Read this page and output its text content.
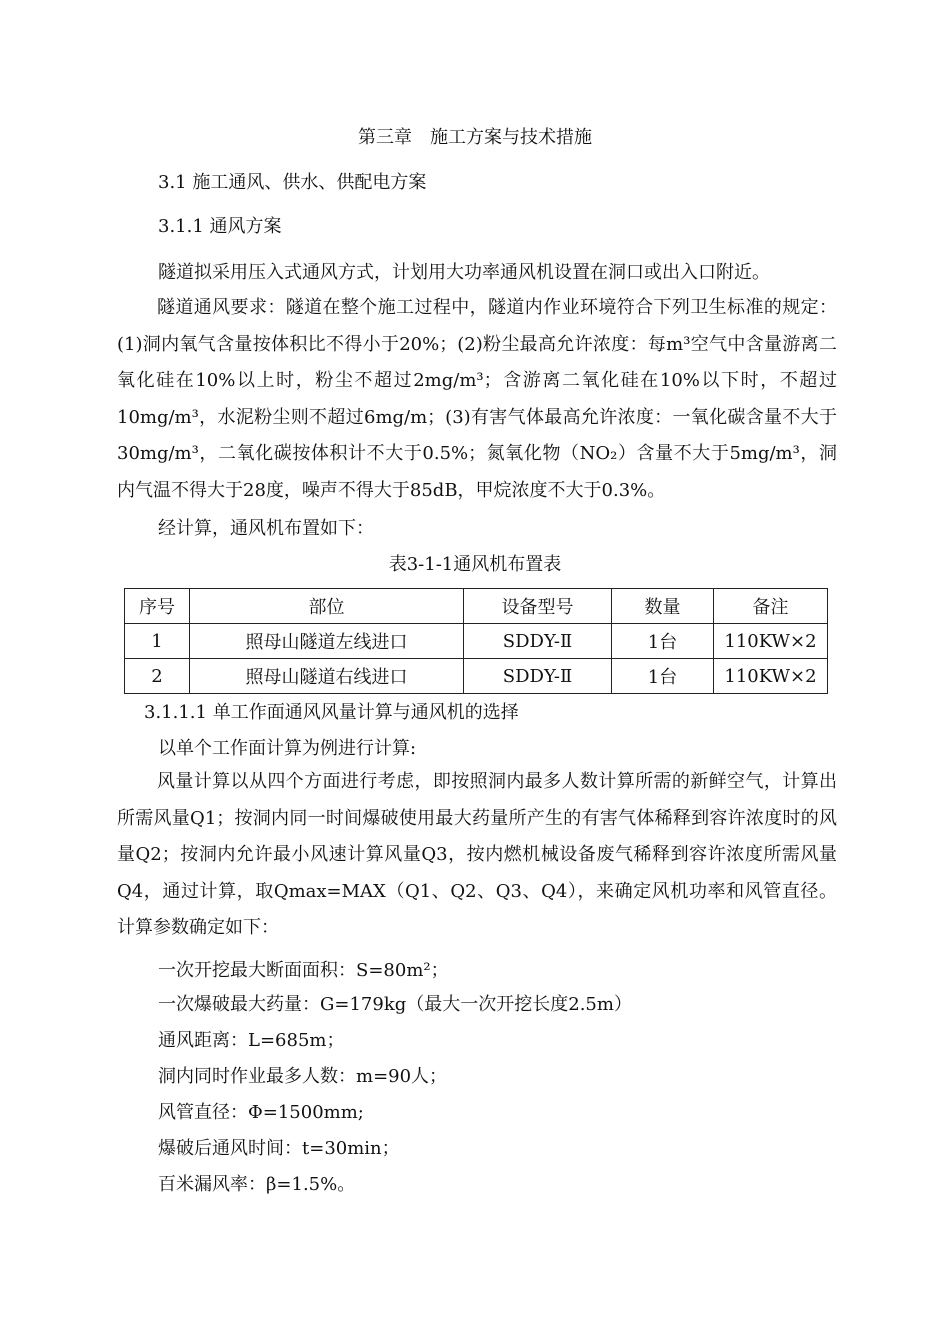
第三章　施工方案与技术措施
3.1 施工通风、供水、供配电方案
3.1.1 通风方案
隧道拟采用压入式通风方式，计划用大功率通风机设置在洞口或出入口附近。

隧道通风要求：隧道在整个施工过程中，隧道内作业环境符合下列卫生标准的规定：(1)洞内氧气含量按体积比不得小于20%；(2)粉尘最高允许浓度：每m³空气中含量游离二氧化硅在10%以上时，粉尘不超过2mg/m³；含游离二氧化硅在10%以下时，不超过10mg/m³，水泥粉尘则不超过6mg/m；(3)有害气体最高允许浓度：一氧化碳含量不大于30mg/m³，二氧化碳按体积计不大于0.5%；氮氧化物（NO₂）含量不大于5mg/m³，洞内气温不得大于28度，噪声不得大于85dB，甲烷浓度不大于0.3%。

经计算，通风机布置如下：
表3-1-1通风机布置表
序号	部位	设备型号	数量	备注
1	照母山隧道左线进口	SDDY-Ⅱ	1台	110KW×2
2	照母山隧道右线进口	SDDY-Ⅱ	1台	110KW×2
3.1.1.1 单工作面通风风量计算与通风机的选择
以单个工作面计算为例进行计算:

风量计算以从四个方面进行考虑，即按照洞内最多人数计算所需的新鲜空气，计算出所需风量Q1；按洞内同一时间爆破使用最大药量所产生的有害气体稀释到容许浓度时的风量Q2；按洞内允许最小风速计算风量Q3，按内燃机械设备废气稀释到容许浓度所需风量Q4，通过计算，取Qmax=MAX（Q1、Q2、Q3、Q4），来确定风机功率和风管直径。计算参数确定如下：

一次开挖最大断面面积：S=80m²；
一次爆破最大药量：G=179kg（最大一次开挖长度2.5m）
通风距离：L=685m；
洞内同时作业最多人数：m=90人；
风管直径：Φ=1500mm;
爆破后通风时间：t=30min；
百米漏风率：β=1.5%。
